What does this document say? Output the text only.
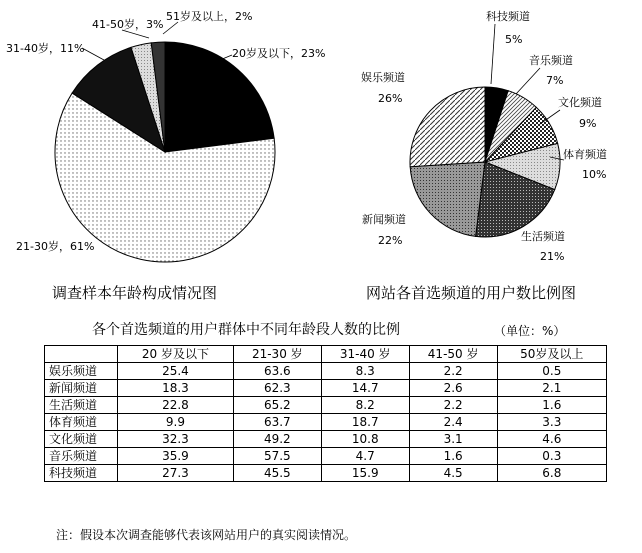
51岁及以上，2%
41-50岁，3%
31-40岁，11%	20岁及以下，23%
21-30岁，61%
科技频道
5%
音乐频道
7%
文化频道
9%
体育频道
10%
生活频道
21%
新闻频道
22%
娱乐频道
26%
调查样本年龄构成情况图	网站各首选频道的用户数比例图
各个首选频道的用户群体中不同年龄段人数的比例	（单位：%）
	20 岁及以下	21-30 岁	31-40 岁	41-50 岁	50岁及以上
娱乐频道	25.4	63.6	8.3	2.2	0.5
新闻频道	18.3	62.3	14.7	2.6	2.1
生活频道	22.8	65.2	8.2	2.2	1.6
体育频道	9.9	63.7	18.7	2.4	3.3
文化频道	32.3	49.2	10.8	3.1	4.6
音乐频道	35.9	57.5	4.7	1.6	0.3
科技频道	27.3	45.5	15.9	4.5	6.8
注：假设本次调查能够代表该网站用户的真实阅读情况。
